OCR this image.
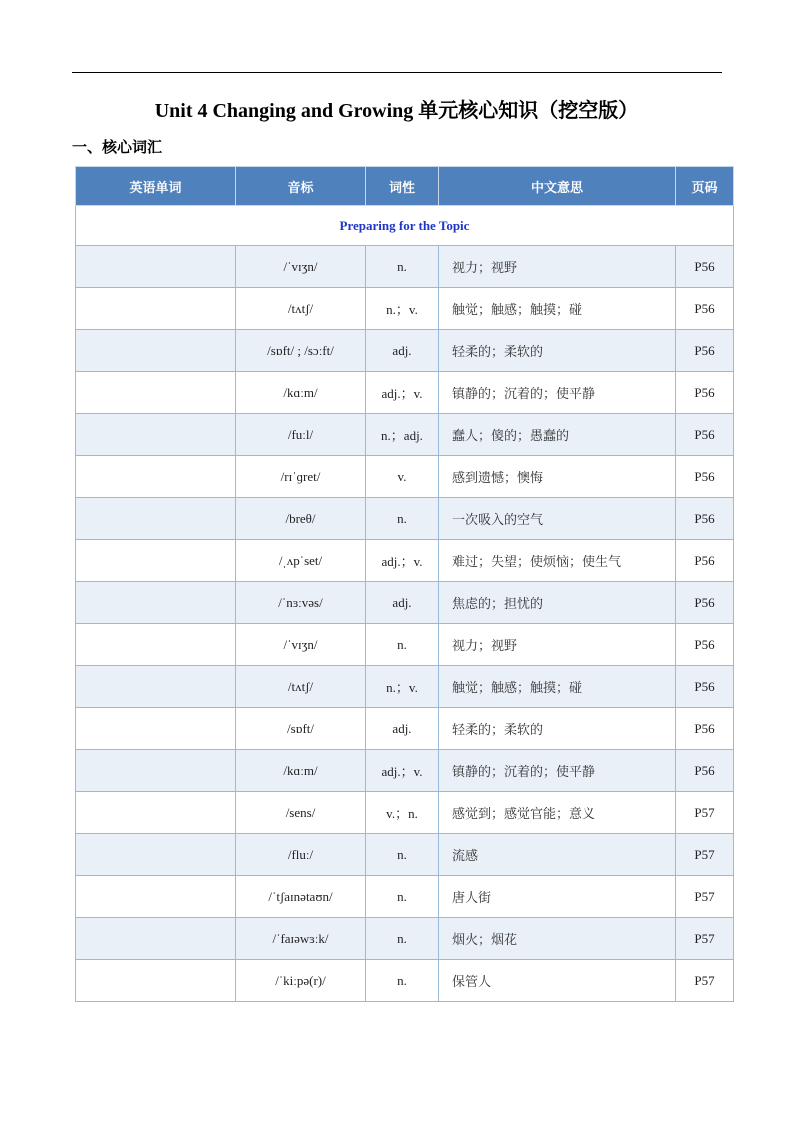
Unit 4 Changing and Growing 单元核心知识（挖空版）
一、核心词汇
英语单词	音标	词性	中文意思	页码
Preparing for the Topic				
	/ˈvɪʒn/	n.	视力；视野	P56
	/tʌtʃ/	n.；v.	触觉；触感；触摸；碰	P56
	/sɒft/ ; /sɔːft/	adj.	轻柔的；柔软的	P56
	/kɑːm/	adj.；v.	镇静的；沉着的；使平静	P56
	/fuːl/	n.；adj.	蠢人；傻的；愚蠢的	P56
	/rɪˈɡret/	v.	感到遗憾；懊悔	P56
	/breθ/	n.	一次吸入的空气	P56
	/ˌʌpˈset/	adj.；v.	难过；失望；使烦恼；使生气	P56
	/ˈnɜːvəs/	adj.	焦虑的；担忧的	P56
	/ˈvɪʒn/	n.	视力；视野	P56
	/tʌtʃ/	n.；v.	触觉；触感；触摸；碰	P56
	/sɒft/	adj.	轻柔的；柔软的	P56
	/kɑːm/	adj.；v.	镇静的；沉着的；使平静	P56
	/sens/	v.；n.	感觉到；感觉官能；意义	P57
	/fluː/	n.	流感	P57
	/ˈtʃaɪnətaʊn/	n.	唐人街	P57
	/ˈfaɪəwɜːk/	n.	烟火；烟花	P57
	/ˈkiːpə(r)/	n.	保管人	P57
